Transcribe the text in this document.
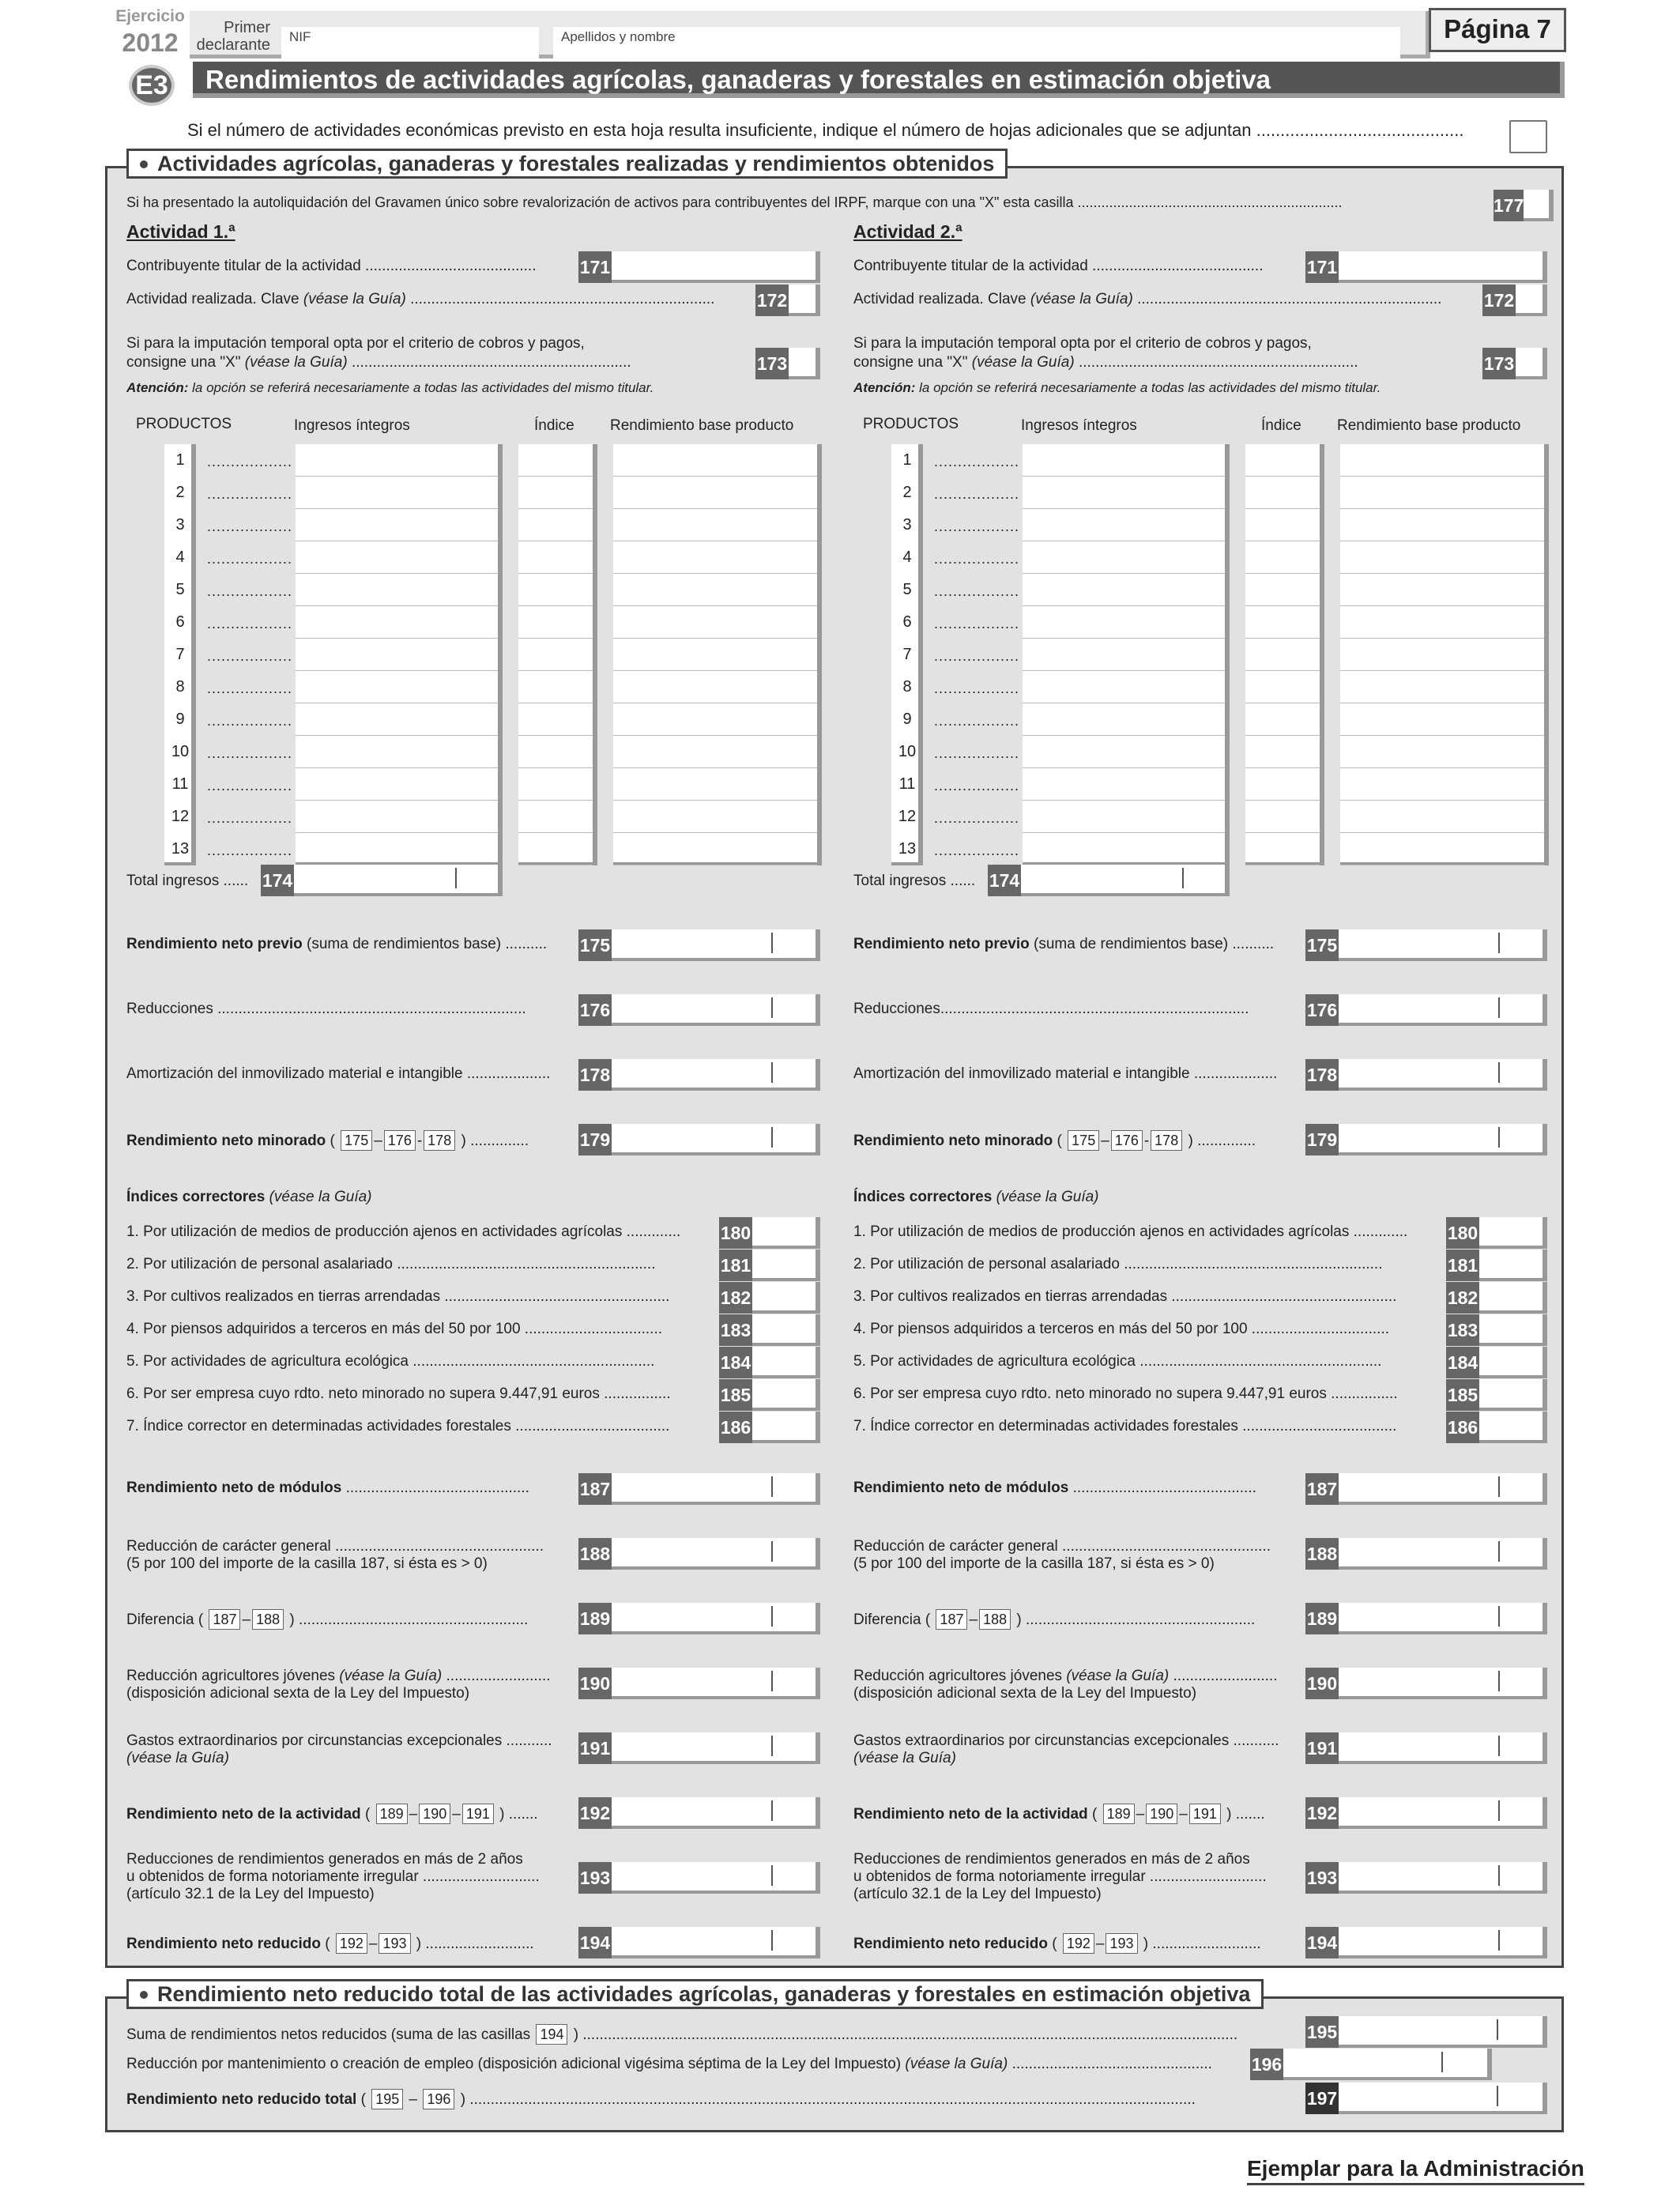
Ejercicio
2012
Primer declarante NIF	Apellidos y nombre	Página 7
E3	Rendimientos de actividades agrícolas, ganaderas y forestales en estimación objetiva
Si el número de actividades económicas previsto en esta hoja resulta insuficiente, indique el número de hojas adicionales que se adjuntan ...........................................
Actividades agrícolas, ganaderas y forestales realizadas y rendimientos obtenidos
Si ha presentado la autoliquidación del Gravamen único sobre revalorización de activos para contribuyentes del IRPF, marque con una "X" esta casilla ...................................................................	177
Actividad 1.ª
Contribuyente titular de la actividad ......................................... 171
Actividad realizada. Clave (véase la Guía) ......................................................................... 172
Si para la imputación temporal opta por el criterio de cobros y pagos,
consigne una "X" (véase la Guía) ...................................................................	173
Atención: la opción se referirá necesariamente a todas las actividades del mismo titular.
PRODUCTOS	Ingresos íntegros	Índice Rendimiento base producto
1	..................
2	..................
3	..................
4	..................
5	..................
6	..................
7	..................
8	..................
9	..................
10	..................
11	..................
12	..................
13	..................
Total ingresos ...... 174
Rendimiento neto previo (suma de rendimientos base) .......... 175
Reducciones ..........................................................................	176
Amortización del inmovilizado material e intangible .................... 178
Rendimiento neto minorado ( 175 – 176 - 178 ) ..............	179
Índices correctores (véase la Guía)
1. Por utilización de medios de producción ajenos en actividades agrícolas ............. 180
2. Por utilización de personal asalariado ..............................................................	181
3. Por cultivos realizados en tierras arrendadas ......................................................	182
4. Por piensos adquiridos a terceros en más del 50 por 100 .................................	183
5. Por actividades de agricultura ecológica ..........................................................	184
6. Por ser empresa cuyo rdto. neto minorado no supera 9.447,91 euros ................	185
7. Índice corrector en determinadas actividades forestales .....................................	186
Rendimiento neto de módulos ............................................	187
Reducción de carácter general ..................................................
(5 por 100 del importe de la casilla 187, si ésta es > 0)	188
Diferencia ( 187 – 188 ) .......................................................	189
Reducción agricultores jóvenes (véase la Guía) .........................
(disposición adicional sexta de la Ley del Impuesto)	190
Gastos extraordinarios por circunstancias excepcionales ...........
(véase la Guía)	191
Rendimiento neto de la actividad ( 189 – 190 – 191 ) ....... 192
Reducciones de rendimientos generados en más de 2 años
u obtenidos de forma notoriamente irregular ............................
(artículo 32.1 de la Ley del Impuesto)
193
Rendimiento neto reducido ( 192 – 193 ) ..........................	194
Actividad 2.ª
Contribuyente titular de la actividad ......................................... 171
Actividad realizada. Clave (véase la Guía) ......................................................................... 172
Si para la imputación temporal opta por el criterio de cobros y pagos,
consigne una "X" (véase la Guía) ...................................................................	173
Atención: la opción se referirá necesariamente a todas las actividades del mismo titular.
PRODUCTOS	Ingresos íntegros	Índice Rendimiento base producto
1	..................
2	..................
3	..................
4	..................
5	..................
6	..................
7	..................
8	..................
9	..................
10	..................
11	..................
12	..................
13	..................
Total ingresos ...... 174
Rendimiento neto previo (suma de rendimientos base) .......... 175
Reducciones..........................................................................	176
Amortización del inmovilizado material e intangible .................... 178
Rendimiento neto minorado ( 175 – 176 - 178 ) ..............	179
Índices correctores (véase la Guía)
1. Por utilización de medios de producción ajenos en actividades agrícolas ............. 180
2. Por utilización de personal asalariado ..............................................................	181
3. Por cultivos realizados en tierras arrendadas ......................................................	182
4. Por piensos adquiridos a terceros en más del 50 por 100 .................................	183
5. Por actividades de agricultura ecológica ..........................................................	184
6. Por ser empresa cuyo rdto. neto minorado no supera 9.447,91 euros ................	185
7. Índice corrector en determinadas actividades forestales .....................................	186
Rendimiento neto de módulos ............................................	187
Reducción de carácter general ..................................................
(5 por 100 del importe de la casilla 187, si ésta es > 0)	188
Diferencia ( 187 – 188 ) .......................................................	189
Reducción agricultores jóvenes (véase la Guía) .........................
(disposición adicional sexta de la Ley del Impuesto)	190
Gastos extraordinarios por circunstancias excepcionales ...........
(véase la Guía)	191
Rendimiento neto de la actividad ( 189 – 190 – 191 ) ....... 192
Reducciones de rendimientos generados en más de 2 años
u obtenidos de forma notoriamente irregular ............................
(artículo 32.1 de la Ley del Impuesto)
193
Rendimiento neto reducido ( 192 – 193 ) ..........................	194
Rendimiento neto reducido total de las actividades agrícolas, ganaderas y forestales en estimación objetiva
Suma de rendimientos netos reducidos (suma de las casillas 194 ) .............................................................................................................................................................	195
Reducción por mantenimiento o creación de empleo (disposición adicional vigésima séptima de la Ley del Impuesto) (véase la Guía) ................................................ 196
Rendimiento neto reducido total ( 195 – 196 ) ..............................................................................................................................................................................	197
Ejemplar para la Administración
